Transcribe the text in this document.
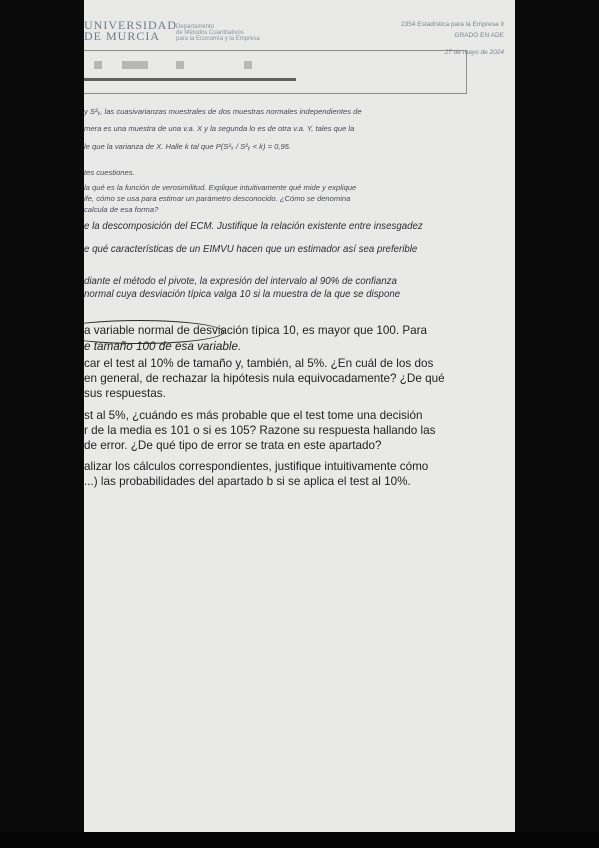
UNIVERSIDAD
DE MURCIA
Departamento
de Métodos Cuantitativos
para la Economía y la Empresa
2354 Estadística para la Empresa II
GRADO EN ADE
27 de mayo de 2024
y S²ᵧ, las cuasivarianzas muestrales de dos muestras normales independientes de
mera es una muestra de una v.a. X y la segunda lo es de otra v.a. Y, tales que la
le que la varianza de X. Halle k tal que P(S²ₓ / S²ᵧ < k) = 0,95.
tes cuestiones.
la qué es la función de verosimilitud. Explique intuitivamente qué mide y explique
ife, cómo se usa para estimar un parámetro desconocido. ¿Cómo se denomina
calcula de esa forma?
e la descomposición del ECM. Justifique la relación existente entre insesgadez
e qué características de un EIMVU hacen que un estimador así sea preferible
diante el método el pivote, la expresión del intervalo al 90% de confianza
normal cuya desviación típica valga 10 si la muestra de la que se dispone
a variable normal de desviación típica 10, es mayor que 100. Para
e tamaño 100 de esa variable.
car el test al 10% de tamaño y, también, al 5%. ¿En cuál de los dos
en general, de rechazar la hipótesis nula equivocadamente? ¿De qué
sus respuestas.
st al 5%, ¿cuándo es más probable que el test tome una decisión
r de la media es 101 o si es 105? Razone su respuesta hallando las
de error. ¿De qué tipo de error se trata en este apartado?
alizar los cálculos correspondientes, justifique intuitivamente cómo
...) las probabilidades del apartado b si se aplica el test al 10%.
